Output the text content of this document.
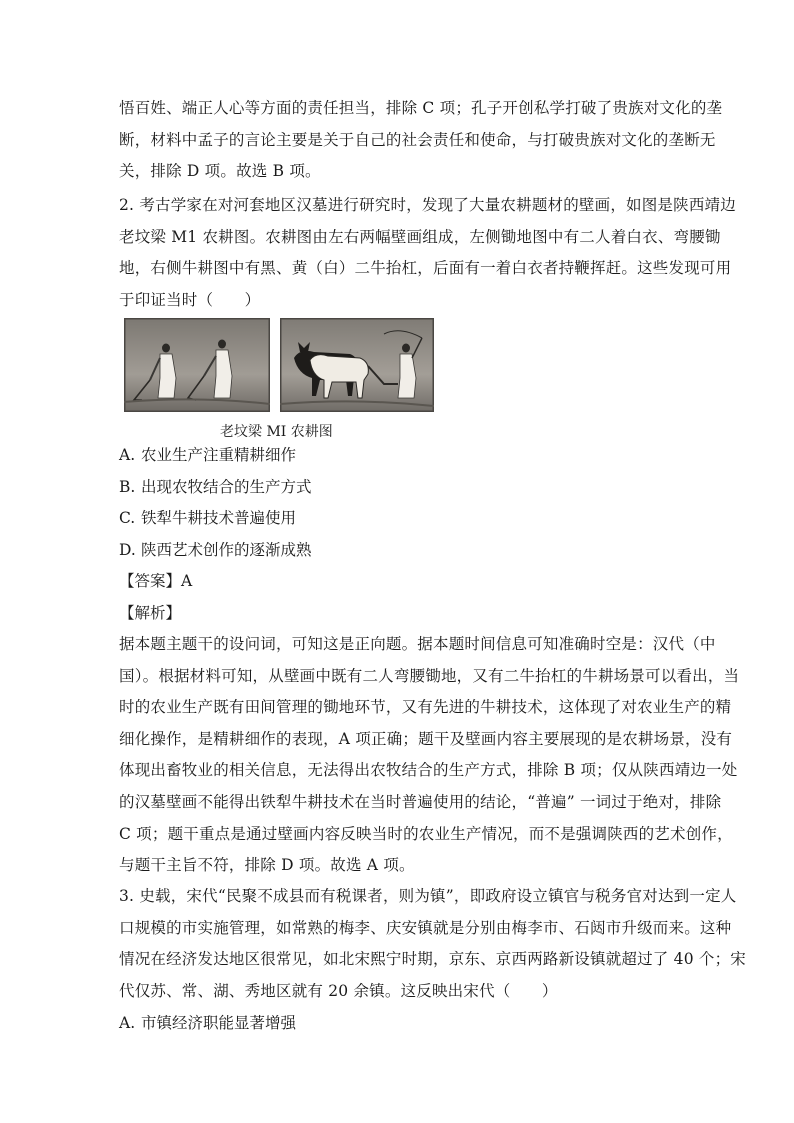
悟百姓、端正人心等方面的责任担当，排除 C 项；孔子开创私学打破了贵族对文化的垄
断，材料中孟子的言论主要是关于自己的社会责任和使命，与打破贵族对文化的垄断无
关，排除 D 项。故选 B 项。
2. 考古学家在对河套地区汉墓进行研究时，发现了大量农耕题材的壁画，如图是陕西靖边
老坟梁 M1 农耕图。农耕图由左右两幅壁画组成，左侧锄地图中有二人着白衣、弯腰锄
地，右侧牛耕图中有黑、黄（白）二牛抬杠，后面有一着白衣者持鞭挥赶。这些发现可用
于印证当时（　　）
老坟梁 MI 农耕图
A. 农业生产注重精耕细作
B. 出现农牧结合的生产方式
C. 铁犁牛耕技术普遍使用
D. 陕西艺术创作的逐渐成熟
【答案】A
【解析】
据本题主题干的设问词，可知这是正向题。据本题时间信息可知准确时空是：汉代（中
国）。根据材料可知，从壁画中既有二人弯腰锄地，又有二牛抬杠的牛耕场景可以看出，当
时的农业生产既有田间管理的锄地环节，又有先进的牛耕技术，这体现了对农业生产的精
细化操作，是精耕细作的表现，A 项正确；题干及壁画内容主要展现的是农耕场景，没有
体现出畜牧业的相关信息，无法得出农牧结合的生产方式，排除 B 项；仅从陕西靖边一处
的汉墓壁画不能得出铁犁牛耕技术在当时普遍使用的结论，“普遍” 一词过于绝对，排除
C 项；题干重点是通过壁画内容反映当时的农业生产情况，而不是强调陕西的艺术创作，
与题干主旨不符，排除 D 项。故选 A 项。
3. 史载，宋代“民聚不成县而有税课者，则为镇”，即政府设立镇官与税务官对达到一定人
口规模的市实施管理，如常熟的梅李、庆安镇就是分别由梅李市、石闼市升级而来。这种
情况在经济发达地区很常见，如北宋熙宁时期，京东、京西两路新设镇就超过了 40 个；宋
代仅苏、常、湖、秀地区就有 20 余镇。这反映出宋代（　　）
A. 市镇经济职能显著增强
